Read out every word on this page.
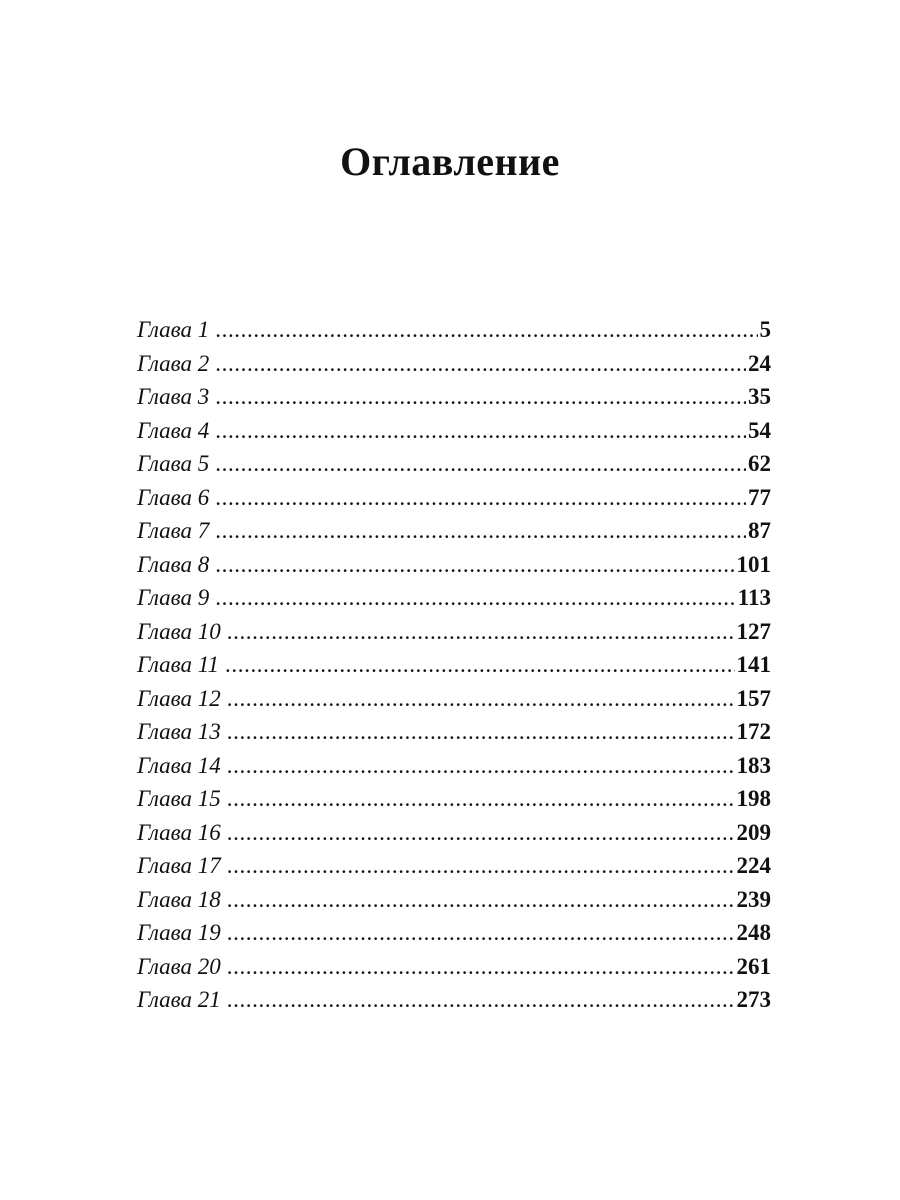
Оглавление
Глава 1 .....	5
Глава 2 .....	24
Глава 3 .....	35
Глава 4 .....	54
Глава 5 .....	62
Глава 6 .....	77
Глава 7 .....	87
Глава 8 .....	101
Глава 9 .....	113
Глава 10 .....	127
Глава 11 .....	141
Глава 12 .....	157
Глава 13 .....	172
Глава 14 .....	183
Глава 15 .....	198
Глава 16 .....	209
Глава 17 .....	224
Глава 18 .....	239
Глава 19 .....	248
Глава 20 .....	261
Глава 21 .....	273
